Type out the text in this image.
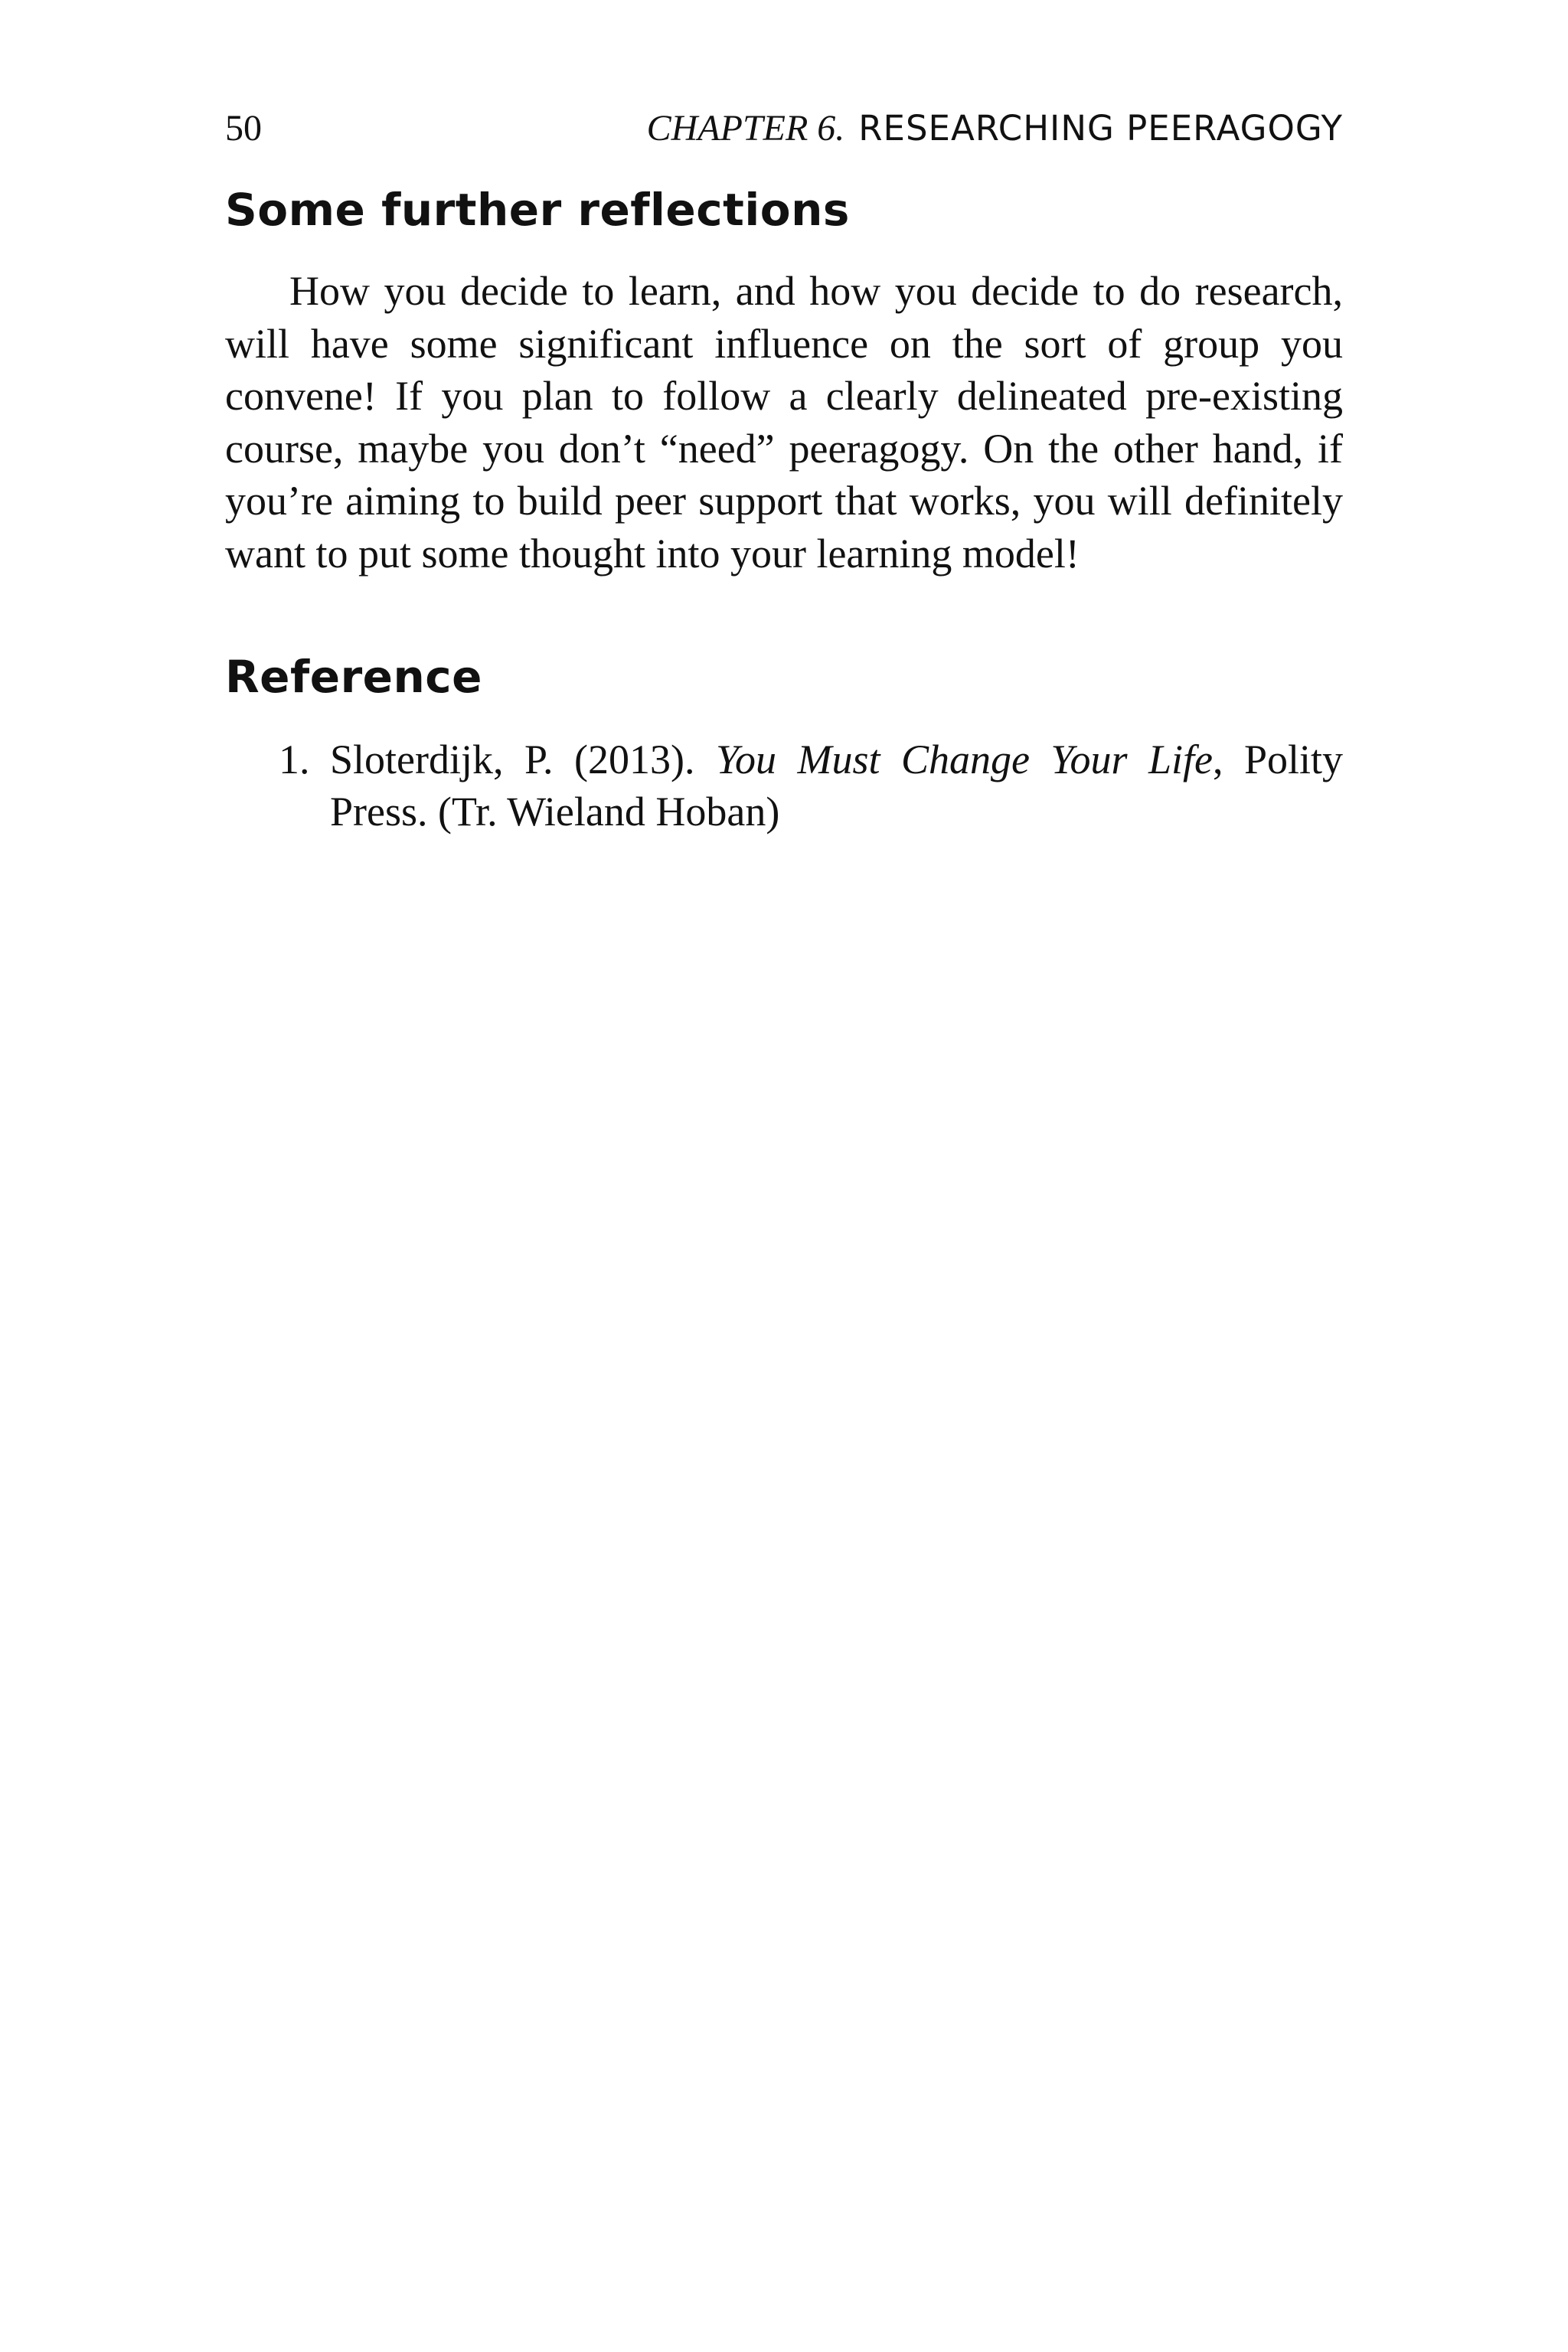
50	CHAPTER 6. RESEARCHING PEERAGOGY
Some further reflections

How you decide to learn, and how you decide to do research, will have some significant influence on the sort of group you convene! If you plan to follow a clearly delineated pre-existing course, maybe you don’t “need” peeragogy. On the other hand, if you’re aiming to build peer support that works, you will definitely want to put some thought into your learning model!

Reference
1. Sloterdijk, P. (2013). You Must Change Your Life, Polity Press. (Tr. Wieland Hoban)
